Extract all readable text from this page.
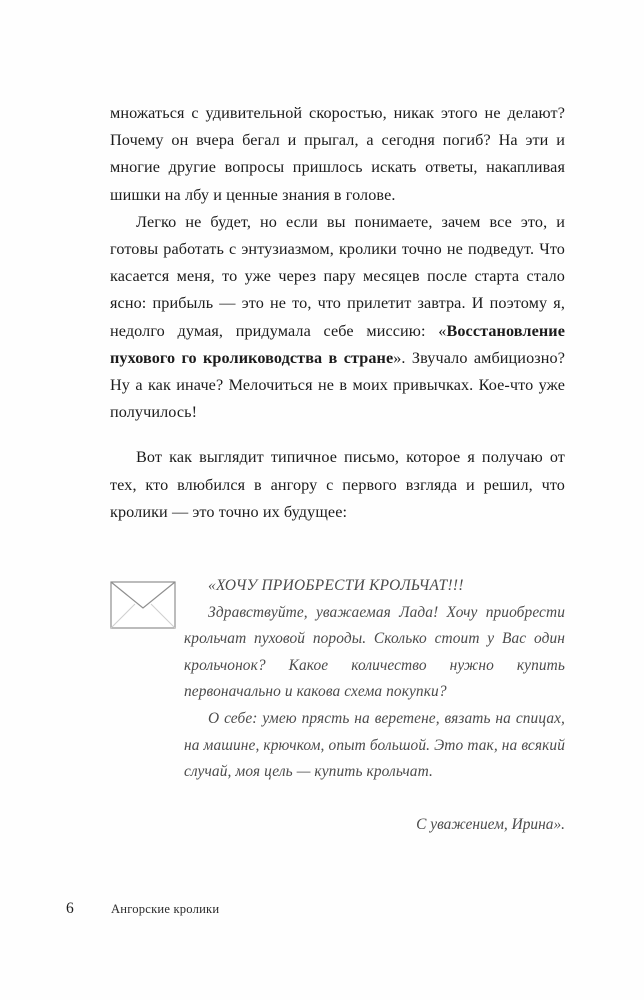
множаться с удивительной скоростью, никак этого не делают? Почему он вчера бегал и прыгал, а сегодня погиб? На эти и многие другие вопросы пришлось искать ответы, накапливая шишки на лбу и ценные знания в голове.

Легко не будет, но если вы понимаете, зачем все это, и готовы работать с энтузиазмом, кролики точно не подведут. Что касается меня, то уже через пару месяцев после старта стало ясно: прибыль — это не то, что прилетит завтра. И поэтому я, недолго думая, придумала себе миссию: «Восстановление пухового го кролиководства в стране». Звучало амбициозно? Ну а как иначе? Мелочиться не в моих привычках. Кое-что уже получилось!

Вот как выглядит типичное письмо, которое я получаю от тех, кто влюбился в ангору с первого взгляда и решил, что кролики — это точно их будущее:

«ХОЧУ ПРИОБРЕСТИ КРОЛЬЧАТ!!!

Здравствуйте, уважаемая Лада! Хочу приобрести крольчат пуховой породы. Сколько стоит у Вас один крольчонок? Какое количество нужно купить первоначально и какова схема покупки?

О себе: умею прясть на веретене, вязать на спицах, на машине, крючком, опыт большой. Это так, на всякий случай, моя цель — купить крольчат.

С уважением, Ирина».
6	Ангорские кролики
